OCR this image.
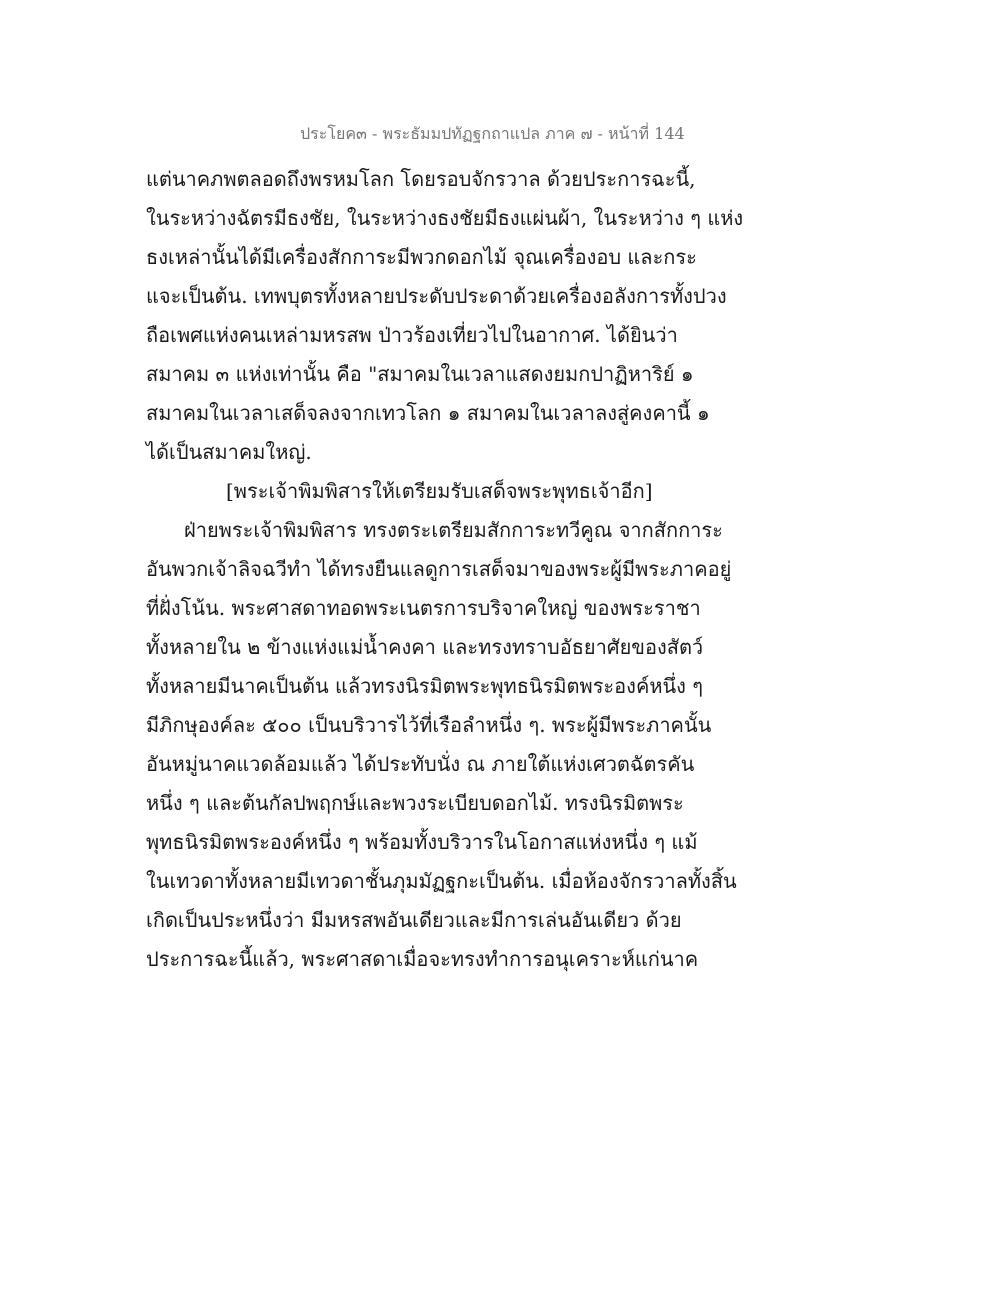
ประโยค๓ - พระธัมมปทัฏฐกถาแปล ภาค ๗ - หน้าที่ 144
แต่นาคภพตลอดถึงพรหมโลก โดยรอบจักรวาล ด้วยประการฉะนี้,
ในระหว่างฉัตรมีธงชัย, ในระหว่างธงชัยมีธงแผ่นผ้า, ในระหว่าง ๆ แห่ง
ธงเหล่านั้นได้มีเครื่องสักการะมีพวกดอกไม้ จุณเครื่องอบ และกระ
แจะเป็นต้น. เทพบุตรทั้งหลายประดับประดาด้วยเครื่องอลังการทั้งปวง
ถือเพศแห่งคนเหล่ามหรสพ ป่าวร้องเที่ยวไปในอากาศ. ได้ยินว่า
สมาคม ๓ แห่งเท่านั้น คือ "สมาคมในเวลาแสดงยมกปาฏิหาริย์ ๑
สมาคมในเวลาเสด็จลงจากเทวโลก ๑ สมาคมในเวลาลงสู่คงคานี้ ๑
ได้เป็นสมาคมใหญ่.
[พระเจ้าพิมพิสารให้เตรียมรับเสด็จพระพุทธเจ้าอีก]
ฝ่ายพระเจ้าพิมพิสาร ทรงตระเตรียมสักการะทวีคูณ จากสักการะ
อันพวกเจ้าลิจฉวีทำ ได้ทรงยืนแลดูการเสด็จมาของพระผู้มีพระภาคอยู่
ที่ฝั่งโน้น. พระศาสดาทอดพระเนตรการบริจาคใหญ่ ของพระราชา
ทั้งหลายใน ๒ ข้างแห่งแม่น้ำคงคา และทรงทราบอัธยาศัยของสัตว์
ทั้งหลายมีนาคเป็นต้น แล้วทรงนิรมิตพระพุทธนิรมิตพระองค์หนึ่ง ๆ
มีภิกษุองค์ละ ๕๐๐ เป็นบริวารไว้ที่เรือลำหนึ่ง ๆ. พระผู้มีพระภาคนั้น
อันหมู่นาคแวดล้อมแล้ว ได้ประทับนั่ง ณ ภายใต้แห่งเศวตฉัตรคัน
หนึ่ง ๆ และต้นกัลปพฤกษ์และพวงระเบียบดอกไม้. ทรงนิรมิตพระ
พุทธนิรมิตพระองค์หนึ่ง ๆ พร้อมทั้งบริวารในโอกาสแห่งหนึ่ง ๆ แม้
ในเทวดาทั้งหลายมีเทวดาชั้นภุมมัฏฐกะเป็นต้น. เมื่อห้องจักรวาลทั้งสิ้น
เกิดเป็นประหนึ่งว่า มีมหรสพอันเดียวและมีการเล่นอันเดียว ด้วย
ประการฉะนี้แล้ว, พระศาสดาเมื่อจะทรงทำการอนุเคราะห์แก่นาค
